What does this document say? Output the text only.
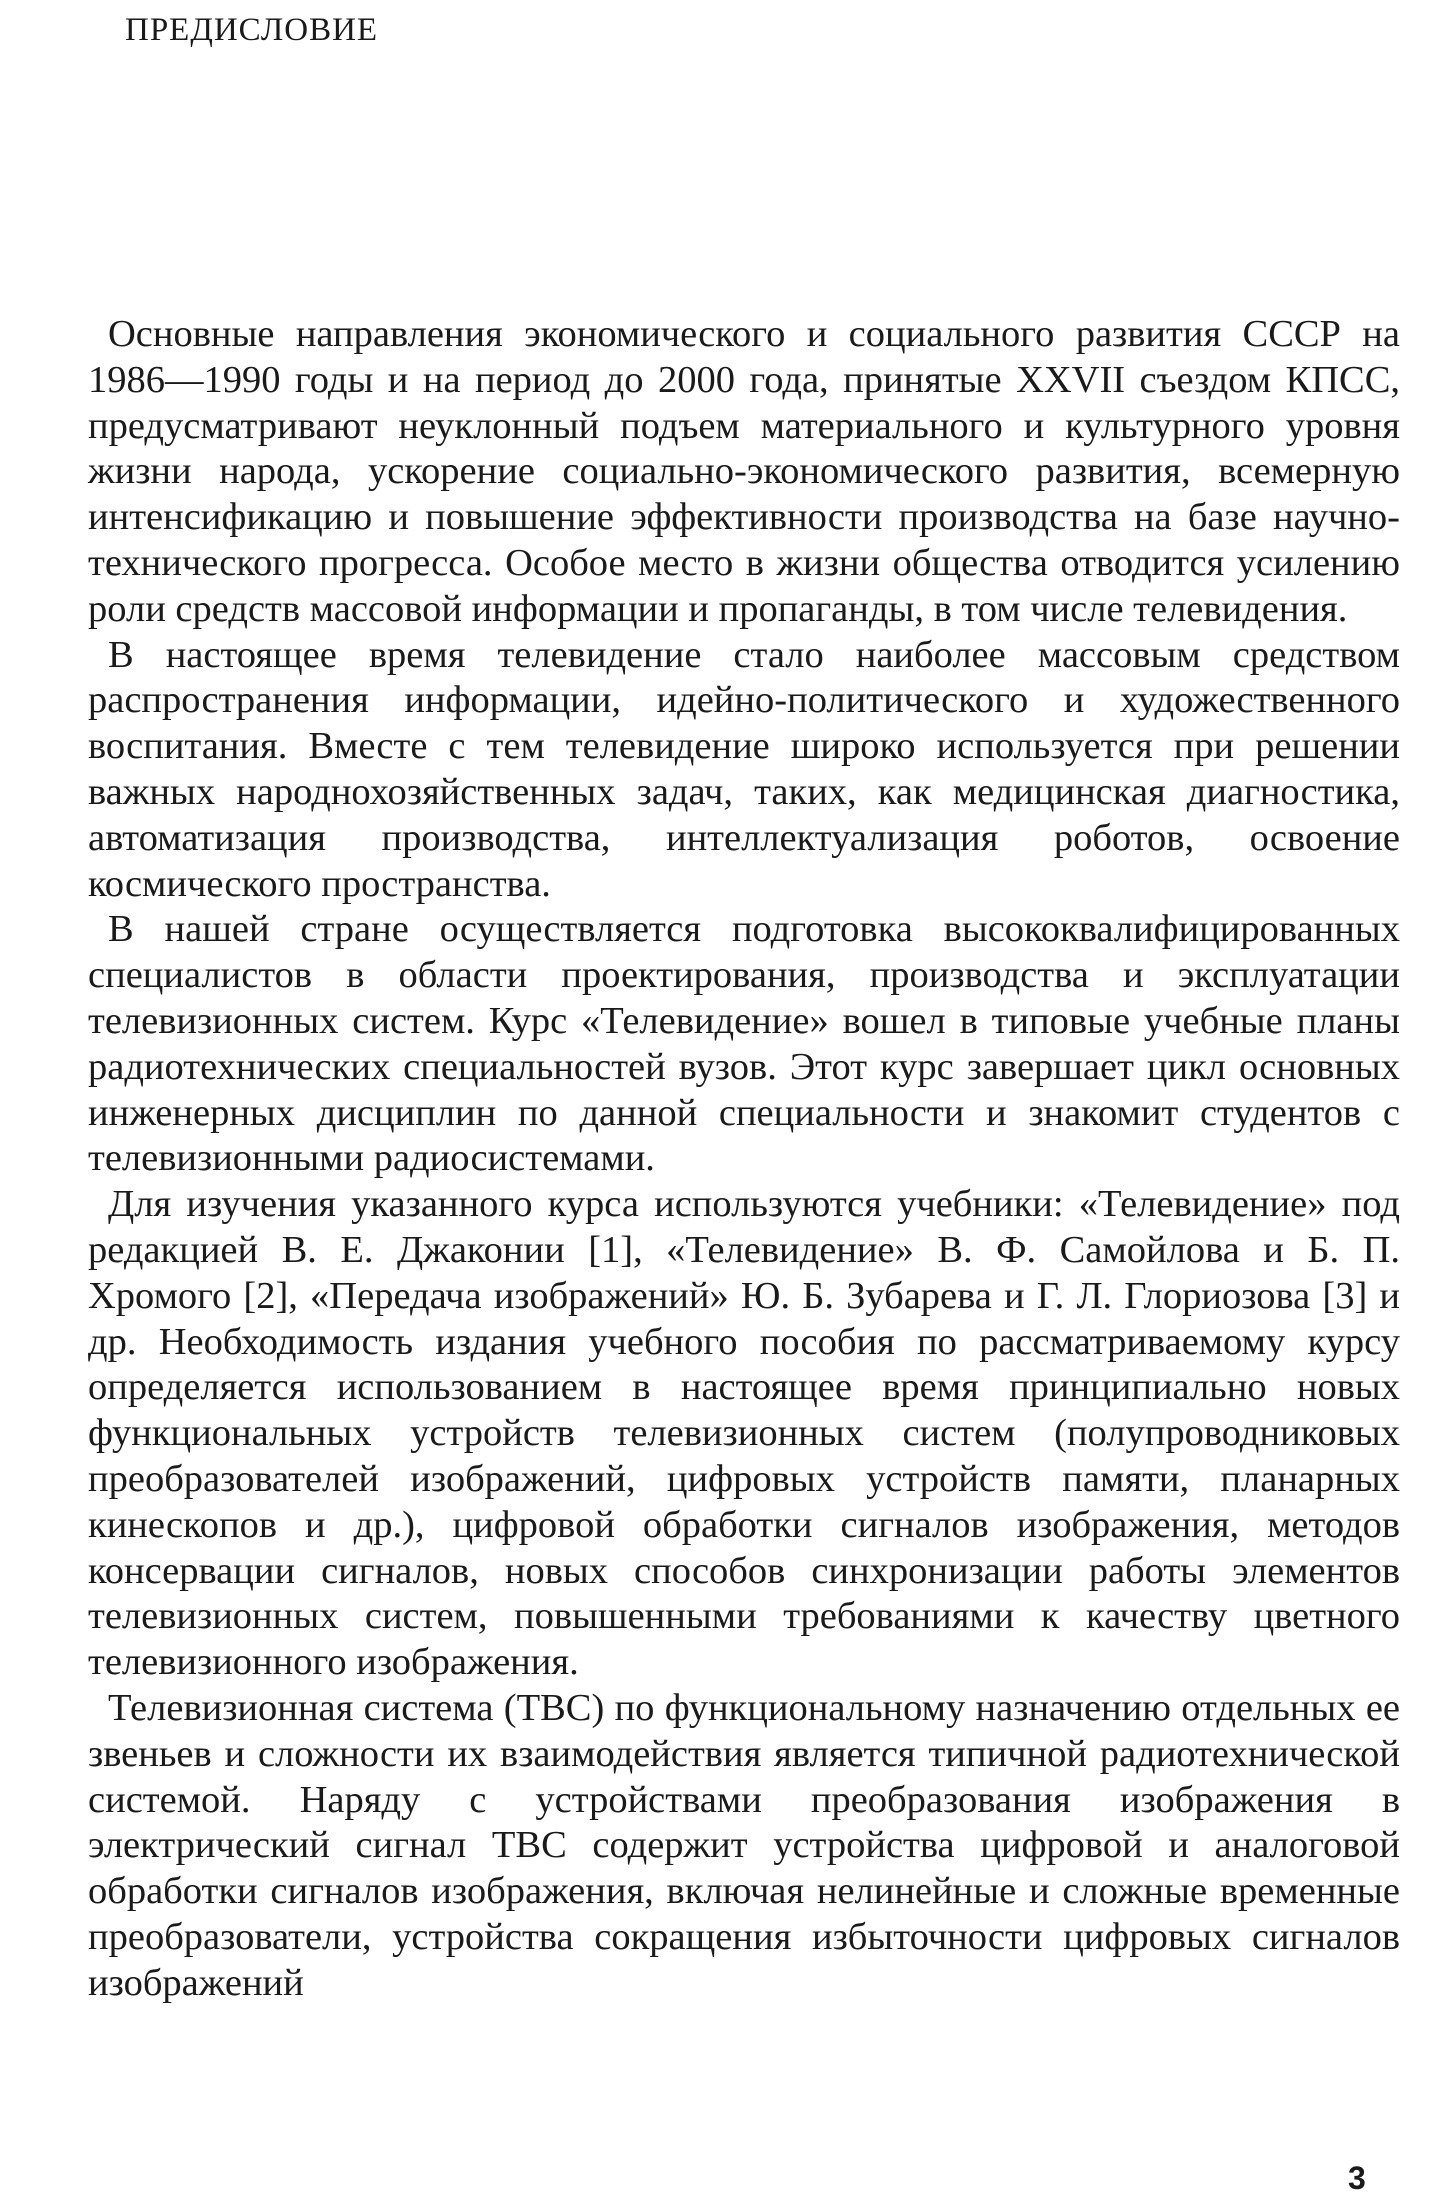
ПРЕДИСЛОВИЕ

Основные направления экономического и социального развития СССР на 1986—1990 годы и на период до 2000 года, принятые XXVII съездом КПСС, предусматривают неуклонный подъем материального и культурного уровня жизни народа, ускорение социально-экономического развития, всемерную интенсификацию и повышение эффективности производства на базе научно-технического прогресса. Особое место в жизни общества отводится усилению роли средств массовой информации и пропаганды, в том числе телевидения.

В настоящее время телевидение стало наиболее массовым средством распространения информации, идейно-политического и художественного воспитания. Вместе с тем телевидение широко используется при решении важных народнохозяйственных задач, таких, как медицинская диагностика, автоматизация производства, интеллектуализация роботов, освоение космического пространства.

В нашей стране осуществляется подготовка высококвалифицированных специалистов в области проектирования, производства и эксплуатации телевизионных систем. Курс «Телевидение» вошел в типовые учебные планы радиотехнических специальностей вузов. Этот курс завершает цикл основных инженерных дисциплин по данной специальности и знакомит студентов с телевизионными радиосистемами.

Для изучения указанного курса используются учебники: «Телевидение» под редакцией В. Е. Джаконии [1], «Телевидение» В. Ф. Самойлова и Б. П. Хромого [2], «Передача изображений» Ю. Б. Зубарева и Г. Л. Глориозова [3] и др. Необходимость издания учебного пособия по рассматриваемому курсу определяется использованием в настоящее время принципиально новых функциональных устройств телевизионных систем (полупроводниковых преобразователей изображений, цифровых устройств памяти, планарных кинескопов и др.), цифровой обработки сигналов изображения, методов консервации сигналов, новых способов синхронизации работы элементов телевизионных систем, повышенными требованиями к качеству цветного телевизионного изображения.

Телевизионная система (ТВС) по функциональному назначению отдельных ее звеньев и сложности их взаимодействия является типичной радиотехнической системой. Наряду с устройствами преобразования изображения в электрический сигнал ТВС содержит устройства цифровой и аналоговой обработки сигналов изображения, включая нелинейные и сложные временные преобразователи, устройства сокращения избыточности цифровых сигналов изображений

3
